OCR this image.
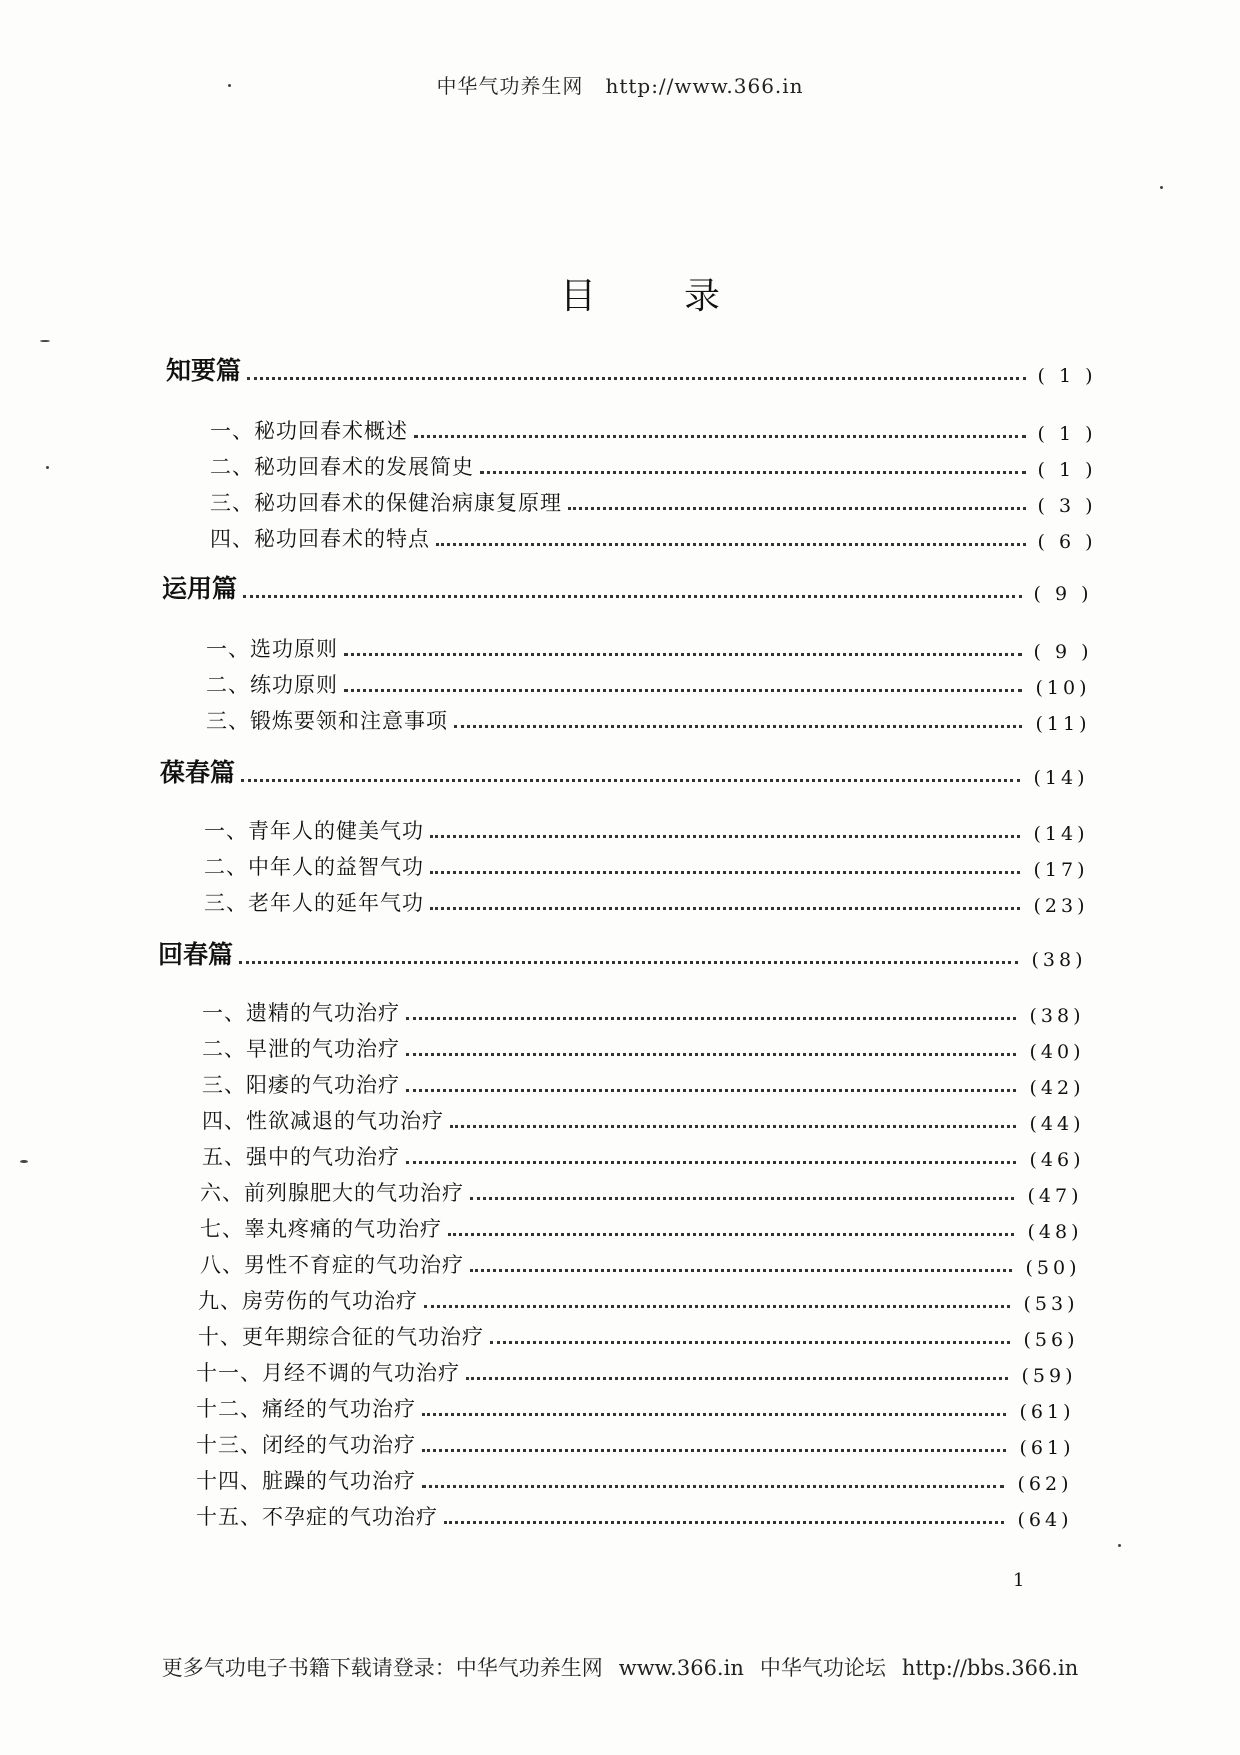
中华气功养生网 http://www.366.in
目 录
知要篇	( 1 )
一、秘功回春术概述	( 1 )
二、秘功回春术的发展简史	( 1 )
三、秘功回春术的保健治病康复原理	( 3 )
四、秘功回春术的特点	( 6 )
运用篇	( 9 )
一、选功原则	( 9 )
二、练功原则	(10)
三、锻炼要领和注意事项	(11)
葆春篇	(14)
一、青年人的健美气功	(14)
二、中年人的益智气功	(17)
三、老年人的延年气功	(23)
回春篇	(38)
一、遗精的气功治疗	(38)
二、早泄的气功治疗	(40)
三、阳痿的气功治疗	(42)
四、性欲减退的气功治疗	(44)
五、强中的气功治疗	(46)
六、前列腺肥大的气功治疗	(47)
七、睾丸疼痛的气功治疗	(48)
八、男性不育症的气功治疗	(50)
九、房劳伤的气功治疗	(53)
十、更年期综合征的气功治疗	(56)
十一、月经不调的气功治疗	(59)
十二、痛经的气功治疗	(61)
十三、闭经的气功治疗	(61)
十四、脏躁的气功治疗	(62)
十五、不孕症的气功治疗	(64)
1
更多气功电子书籍下载请登录：中华气功养生网 www.366.in 中华气功论坛 http://bbs.366.in
